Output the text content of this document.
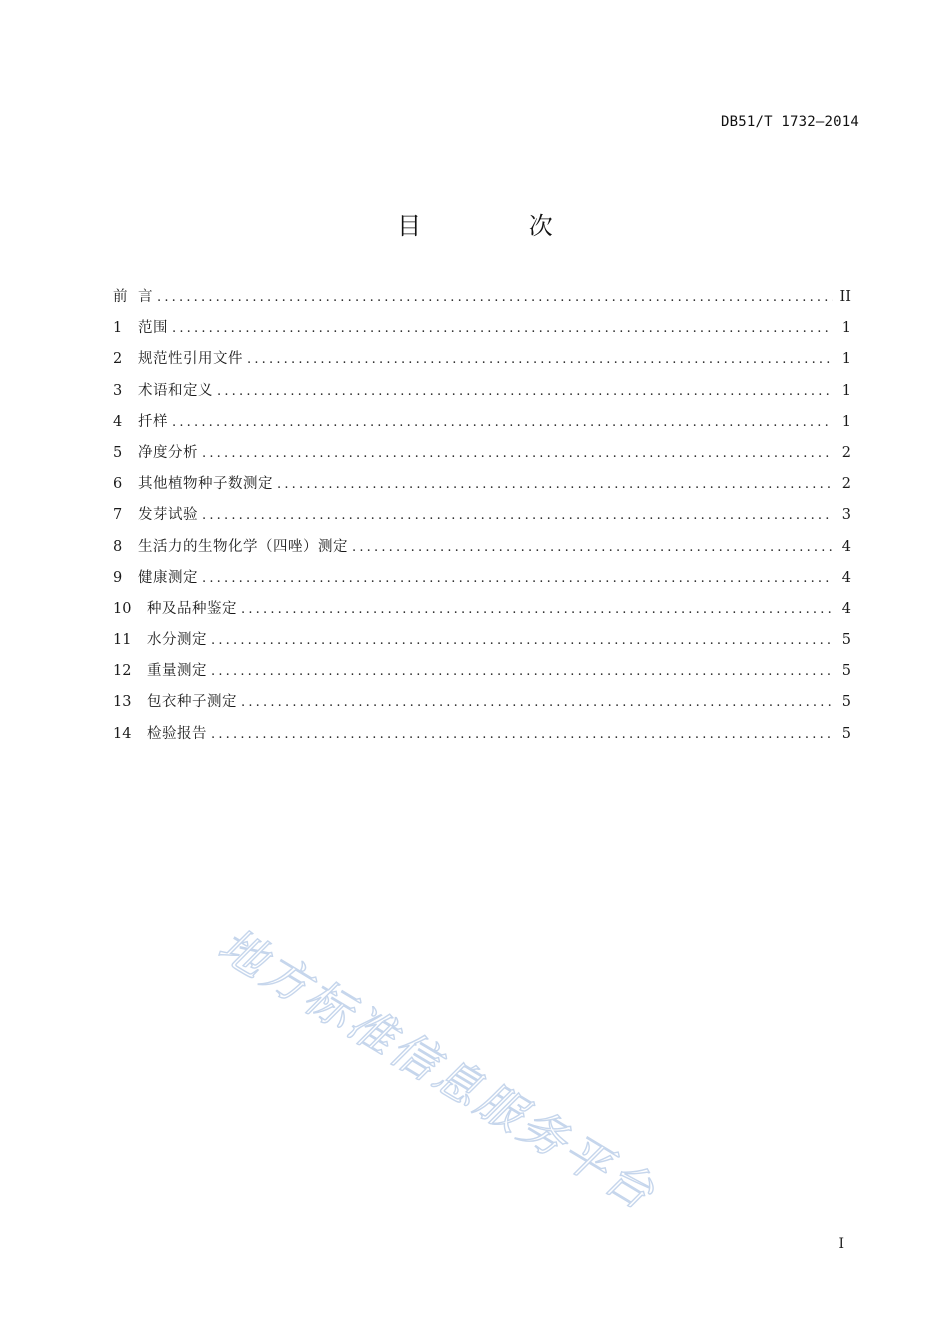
DB51/T 1732—2014
目 次
前 言 .....	II
1	范围 .....	1
2	规范性引用文件 .....	1
3	术语和定义 .....	1
4	扦样 .....	1
5	净度分析 .....	2
6	其他植物种子数测定 .....	2
7	发芽试验 .....	3
8	生活力的生物化学（四唑）测定 .....	4
9	健康测定 .....	4
10	种及品种鉴定 .....	4
11	水分测定 .....	5
12	重量测定 .....	5
13	包衣种子测定 .....	5
14	检验报告 .....	5
地方标准信息服务平台
I
